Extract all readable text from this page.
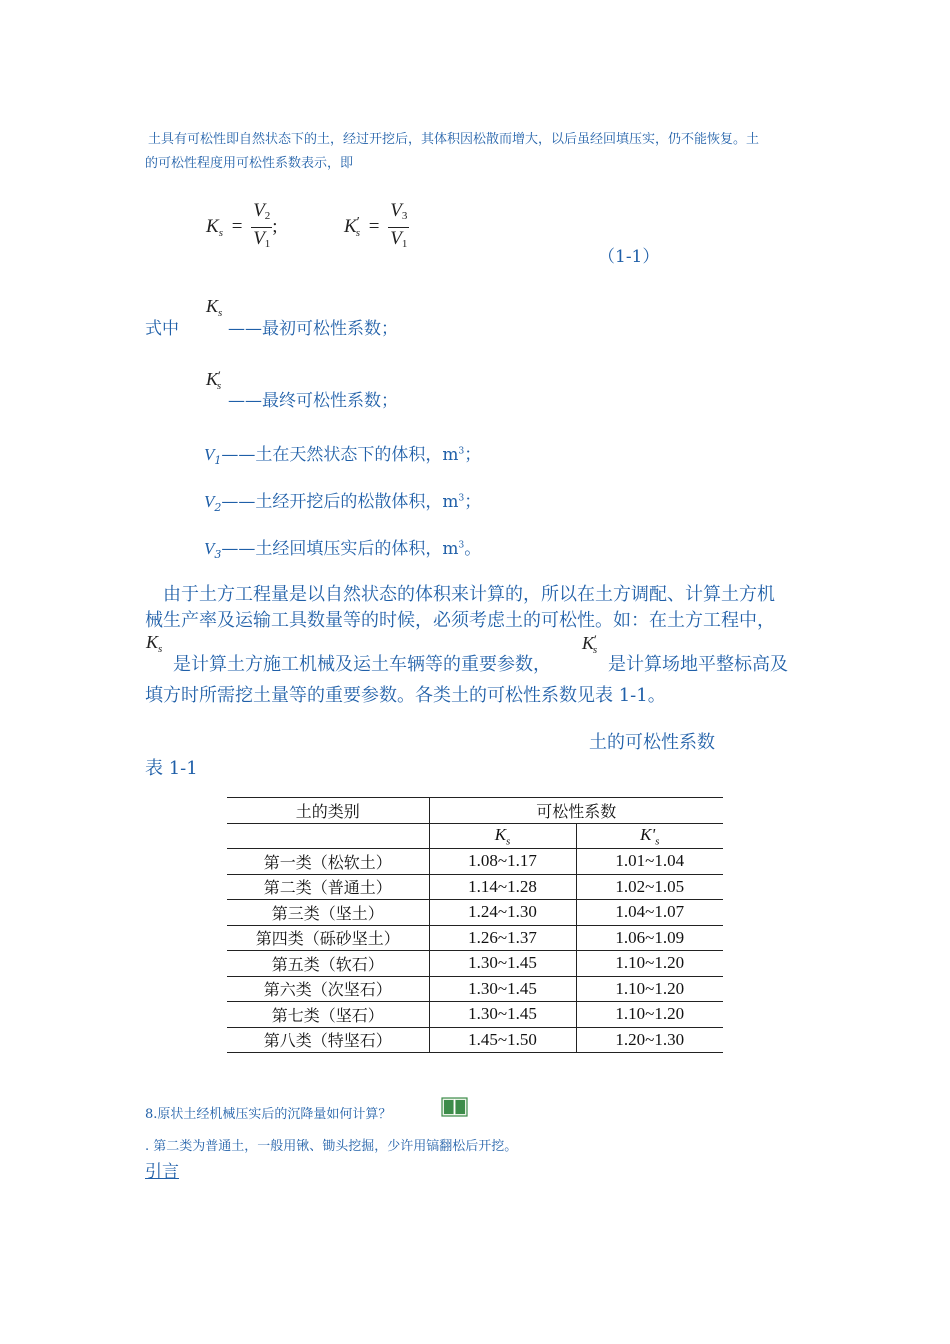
土具有可松性即自然状态下的土，经过开挖后，其体积因松散而增大，以后虽经回填压实，仍不能恢复。土
的可松性程度用可松性系数表示，即
$K_s = \frac{V2}{V1}$ ;	$K'_s = \frac{V3}{V1}$
（1-1）
式中
$K_s$
——最初可松性系数；
$K'_s$
——最终可松性系数；
$V_1——$土在天然状态下的体积，$m^3$；
$V_2——$土经开挖后的松散体积，$m^3$；
$V_3——$土经回填压实后的体积，$m^3$。
由于土方工程量是以自然状态的体积来计算的，所以在土方调配、计算土方机
械生产率及运输工具数量等的时候，必须考虑土的可松性。如：在土方工程中，
$K_s$
是计算土方施工机械及运土车辆等的重要参数，
$K'_s$
是计算场地平整标高及
填方时所需挖土量等的重要参数。各类土的可松性系数见表 1-1。
土的可松性系数
表 1-1
土的类别	可松性系数	
	$K_s$	$K'_s$
第一类（松软土）	1.08~1.17	1.01~1.04
第二类（普通土）	1.14~1.28	1.02~1.05
第三类（坚土）	1.24~1.30	1.04~1.07
第四类（砾砂坚土）	1.26~1.37	1.06~1.09
第五类（软石）	1.30~1.45	1.10~1.20
第六类（次坚石）	1.30~1.45	1.10~1.20
第七类（坚石）	1.30~1.45	1.10~1.20
第八类（特坚石）	1.45~1.50	1.20~1.30
8.原状土经机械压实后的沉降量如何计算？
. 第二类为普通土，一般用锹、锄头挖掘，少许用镐翻松后开挖。
引言
